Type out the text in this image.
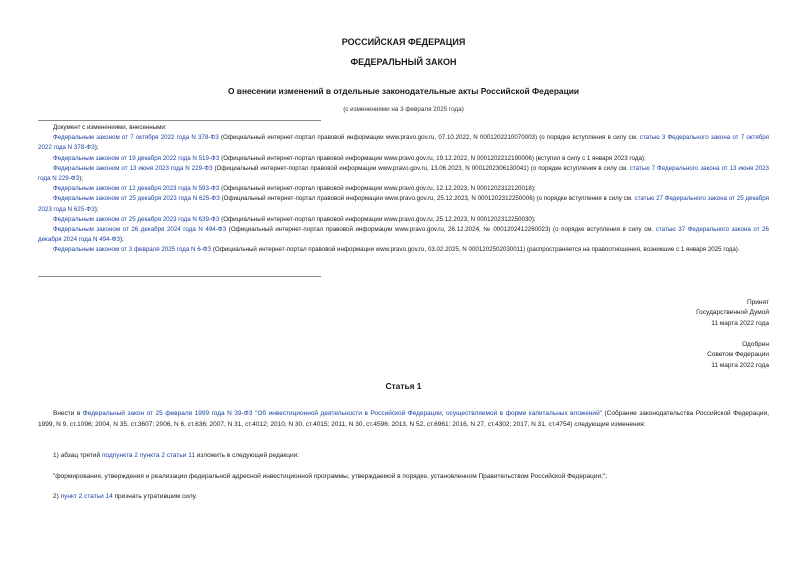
РОССИЙСКАЯ ФЕДЕРАЦИЯ
ФЕДЕРАЛЬНЫЙ ЗАКОН
О внесении изменений в отдельные законодательные акты Российской Федерации
(с изменениями на 3 февраля 2025 года)

Документ с изменениями, внесенными:

Федеральным законом от 7 октября 2022 года N 378-ФЗ (Официальный интернет-портал правовой информации www.pravo.gov.ru, 07.10.2022, N 0001202210070003) (о порядке вступления в силу см. статью 3 Федерального закона от 7 октября 2022 года N 378-ФЗ);

Федеральным законом от 19 декабря 2022 года N 519-ФЗ (Официальный интернет-портал правовой информации www.pravo.gov.ru, 19.12.2022, N 0001202212190006) (вступил в силу с 1 января 2023 года);

Федеральным законом от 13 июня 2023 года N 229-ФЗ (Официальный интернет-портал правовой информации www.pravo.gov.ru, 13.06.2023, N 0001202306130041) (о порядке вступления в силу см. статью 7 Федерального закона от 13 июня 2023 года N 229-ФЗ);

Федеральным законом от 12 декабря 2023 года N 593-ФЗ (Официальный интернет-портал правовой информации www.pravo.gov.ru, 12.12.2023, N 0001202312120018);

Федеральным законом от 25 декабря 2023 года N 625-ФЗ (Официальный интернет-портал правовой информации www.pravo.gov.ru, 25.12.2023, N 0001202312250006) (о порядке вступления в силу см. статью 27 Федерального закона от 25 декабря 2023 года N 625-ФЗ);

Федеральным законом от 25 декабря 2023 года N 639-ФЗ (Официальный интернет-портал правовой информации www.pravo.gov.ru, 25.12.2023, N 0001202312250030);

Федеральным законом от 26 декабря 2024 года N 494-ФЗ (Официальный интернет-портал правовой информации www.pravo.gov.ru, 26.12.2024, № 0001202412260023) (о порядке вступления в силу см. статью 37 Федерального закона от 26 декабря 2024 года N 494-ФЗ);

Федеральным законом от 3 февраля 2025 года N 6-ФЗ (Официальный интернет-портал правовой информации www.pravo.gov.ru, 03.02.2025, N 0001202502030011) (распространяется на правоотношения, возникшие с 1 января 2025 года).

Принят
Государственной Думой
11 марта 2022 года
Одобрен
Советом Федерации
11 марта 2022 года
Статья 1

Внести в Федеральный закон от 25 февраля 1999 года N 39-ФЗ "Об инвестиционной деятельности в Российской Федерации, осуществляемой в форме капитальных вложений" (Собрание законодательства Российской Федерации, 1999, N 9, ст.1096; 2004, N 35, ст.3607; 2006, N 6, ст.636; 2007, N 31, ст.4012; 2010, N 30, ст.4015; 2011, N 30, ст.4596; 2013, N 52, ст.6961; 2016, N 27, ст.4302; 2017, N 31, ст.4754) следующие изменения:

1) абзац третий подпункта 2 пункта 2 статьи 11 изложить в следующей редакции:

"формирования, утверждения и реализации федеральной адресной инвестиционной программы, утверждаемой в порядке, установленном Правительством Российской Федерации;";

2) пункт 2 статьи 14 признать утратившим силу.
